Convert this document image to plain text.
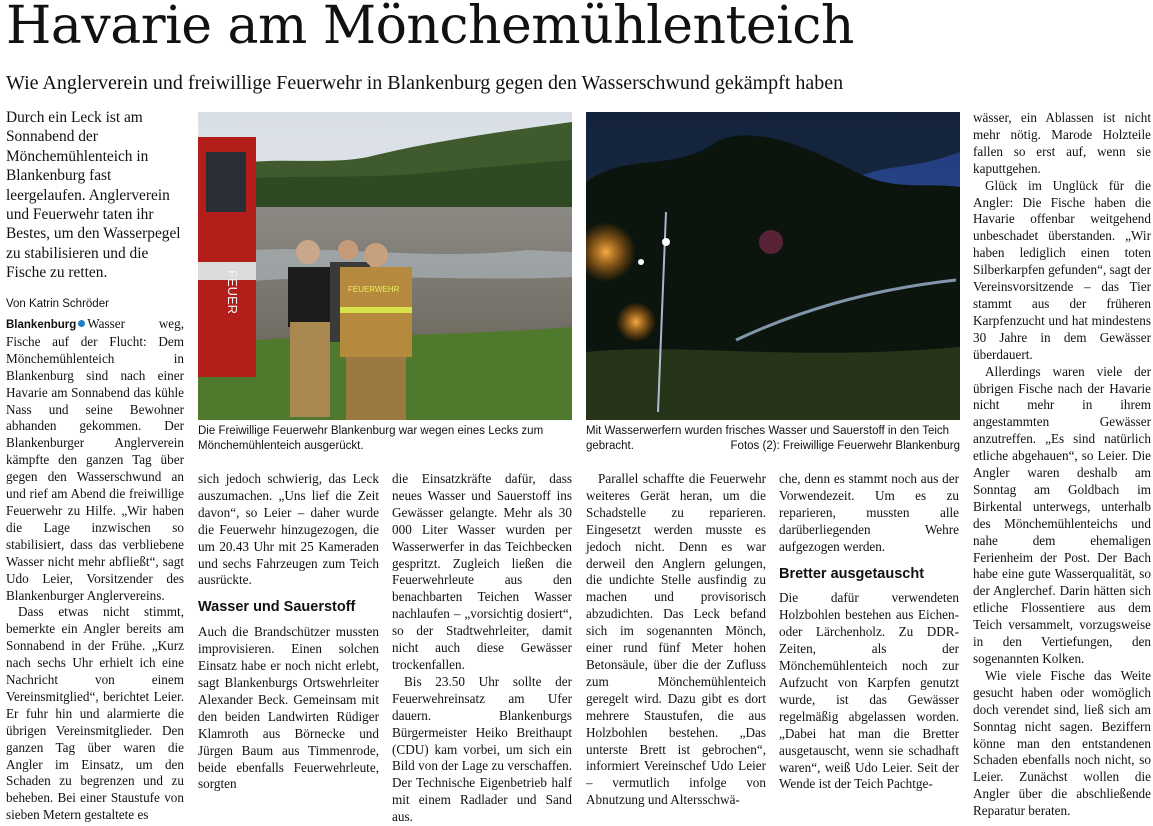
Havarie am Mönchemühlenteich
Wie Anglerverein und freiwillige Feuerwehr in Blankenburg gegen den Wasserschwund gekämpft haben
Durch ein Leck ist am Sonnabend der Mönchemühlenteich in Blankenburg fast leergelaufen. Anglerverein und Feuerwehr taten ihr Bestes, um den Wasserpegel zu stabilisieren und die Fische zu retten.
Von Katrin Schröder

Blankenburg Wasser weg, Fische auf der Flucht: Dem Mönchemühlenteich in Blankenburg sind nach einer Havarie am Sonnabend das kühle Nass und seine Bewohner abhanden gekommen. Der Blankenburger Anglerverein kämpfte den ganzen Tag über gegen den Wasserschwund an und rief am Abend die freiwillige Feuerwehr zu Hilfe. „Wir haben die Lage inzwischen so stabilisiert, dass das verbliebene Wasser nicht mehr abfließt“, sagt Udo Leier, Vorsitzender des Blankenburger Anglervereins.

Dass etwas nicht stimmt, bemerkte ein Angler bereits am Sonnabend in der Frühe. „Kurz nach sechs Uhr erhielt ich eine Nachricht von einem Vereinsmitglied“, berichtet Leier. Er fuhr hin und alarmierte die übrigen Vereinsmitglieder. Den ganzen Tag über waren die Angler im Einsatz, um den Schaden zu begrenzen und zu beheben. Bei einer Staustufe von sieben Metern gestaltete es

FEUER	FEUERWEHR
Die Freiwillige Feuerwehr Blankenburg war wegen eines Lecks zum Mönchemühlenteich ausgerückt.
Mit Wasserwerfern wurden frisches Wasser und Sauerstoff in den Teich gebracht.	Fotos (2): Freiwillige Feuerwehr Blankenburg

sich jedoch schwierig, das Leck auszumachen. „Uns lief die Zeit davon“, so Leier – daher wurde die Feuerwehr hinzugezogen, die um 20.43 Uhr mit 25 Kameraden und sechs Fahrzeugen zum Teich ausrückte.

Wasser und Sauerstoff

Auch die Brandschützer mussten improvisieren. Einen solchen Einsatz habe er noch nicht erlebt, sagt Blankenburgs Ortswehrleiter Alexander Beck. Gemeinsam mit den beiden Landwirten Rüdiger Klamroth aus Börnecke und Jürgen Baum aus Timmenrode, beide ebenfalls Feuerwehrleute, sorgten

die Einsatzkräfte dafür, dass neues Wasser und Sauerstoff ins Gewässer gelangte. Mehr als 30 000 Liter Wasser wurden per Wasserwerfer in das Teichbecken gespritzt. Zugleich ließen die Feuerwehrleute aus den benachbarten Teichen Wasser nachlaufen – „vorsichtig dosiert“, so der Stadtwehrleiter, damit nicht auch diese Gewässer trockenfallen.

Bis 23.50 Uhr sollte der Feuerwehreinsatz am Ufer dauern. Blankenburgs Bürgermeister Heiko Breithaupt (CDU) kam vorbei, um sich ein Bild von der Lage zu verschaffen. Der Technische Eigenbetrieb half mit einem Radlader und Sand aus.

Parallel schaffte die Feuerwehr weiteres Gerät heran, um die Schadstelle zu reparieren. Eingesetzt werden musste es jedoch nicht. Denn es war derweil den Anglern gelungen, die undichte Stelle ausfindig zu machen und provisorisch abzudichten. Das Leck befand sich im sogenannten Mönch, einer rund fünf Meter hohen Betonsäule, über die der Zufluss zum Mönchemühlenteich geregelt wird. Dazu gibt es dort mehrere Staustufen, die aus Holzbohlen bestehen. „Das unterste Brett ist gebrochen“, informiert Vereinschef Udo Leier – vermutlich infolge von Abnutzung und Altersschwä-

che, denn es stammt noch aus der Vorwendezeit. Um es zu reparieren, mussten alle darüberliegenden Wehre aufgezogen werden.

Bretter ausgetauscht

Die dafür verwendeten Holzbohlen bestehen aus Eichen- oder Lärchenholz. Zu DDR-Zeiten, als der Mönchemühlenteich noch zur Aufzucht von Karpfen genutzt wurde, ist das Gewässer regelmäßig abgelassen worden. „Dabei hat man die Bretter ausgetauscht, wenn sie schadhaft waren“, weiß Udo Leier. Seit der Wende ist der Teich Pachtge-

wässer, ein Ablassen ist nicht mehr nötig. Marode Holzteile fallen so erst auf, wenn sie kaputtgehen.

Glück im Unglück für die Angler: Die Fische haben die Havarie offenbar weitgehend unbeschadet überstanden. „Wir haben lediglich einen toten Silberkarpfen gefunden“, sagt der Vereinsvorsitzende – das Tier stammt aus der früheren Karpfenzucht und hat mindestens 30 Jahre in dem Gewässer überdauert.

Allerdings waren viele der übrigen Fische nach der Havarie nicht mehr in ihrem angestammten Gewässer anzutreffen. „Es sind natürlich etliche abgehauen“, so Leier. Die Angler waren deshalb am Sonntag am Goldbach im Birkental unterwegs, unterhalb des Mönchemühlenteichs und nahe dem ehemaligen Ferienheim der Post. Der Bach habe eine gute Wasserqualität, so der Anglerchef. Darin hätten sich etliche Flossentiere aus dem Teich versammelt, vorzugsweise in den Vertiefungen, den sogenannten Kolken.

Wie viele Fische das Weite gesucht haben oder womöglich doch verendet sind, ließ sich am Sonntag nicht sagen. Beziffern könne man den entstandenen Schaden ebenfalls noch nicht, so Leier. Zunächst wollen die Angler über die abschließende Reparatur beraten.
